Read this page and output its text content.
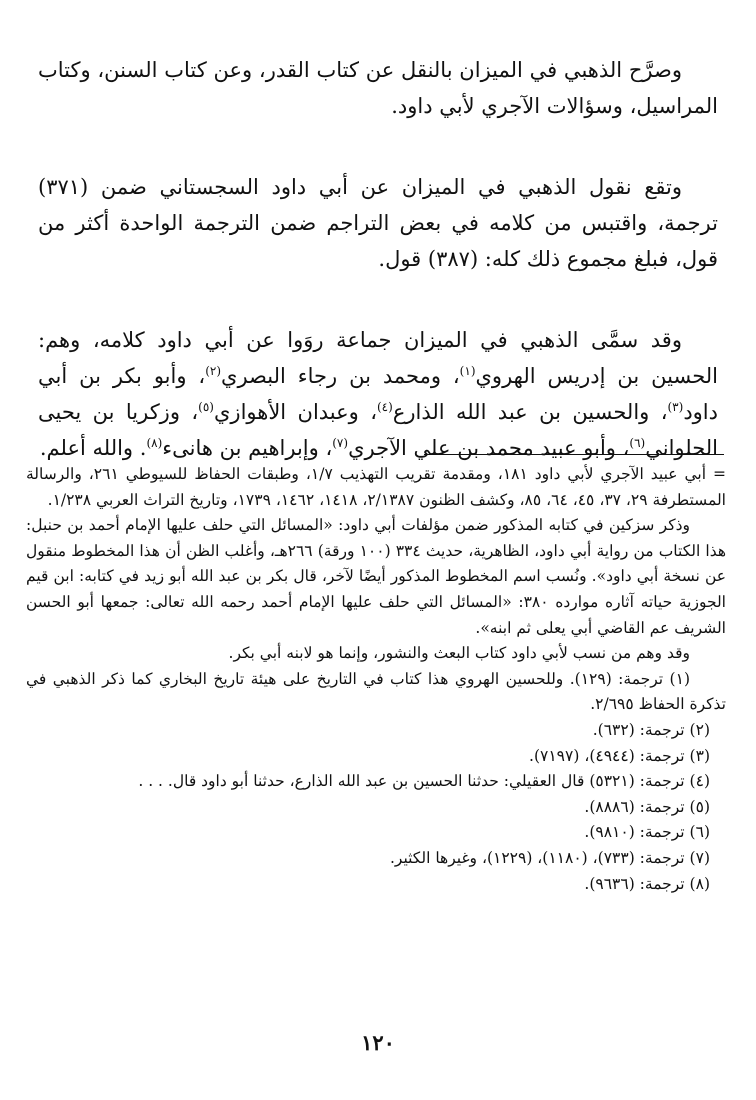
وصرَّح الذهبي في الميزان بالنقل عن كتاب القدر، وعن كتاب السنن، وكتاب المراسيل، وسؤالات الآجري لأبي داود.

وتقع نقول الذهبي في الميزان عن أبي داود السجستاني ضمن (٣٧١) ترجمة، واقتبس من كلامه في بعض التراجم ضمن الترجمة الواحدة أكثر من قول، فبلغ مجموع ذلك كله: (٣٨٧) قول.

وقد سمَّى الذهبي في الميزان جماعة روَوا عن أبي داود كلامه، وهم: الحسين بن إدريس الهروي$^{(١)}$، ومحمد بن رجاء البصري$^{(٢)}$، وأبو بكر بن أبي داود$^{(٣)}$، والحسين بن عبد الله الذارع$^{(٤)}$، وعبدان الأهوازي$^{(٥)}$، وزكريا بن يحيى الحلواني$^{(٦)}$، وأبو عبيد محمد بن علي الآجري$^{(٧)}$، وإبراهيم بن هانىء$^{(٨)}$. والله أعلم.

= أبي عبيد الآجري لأبي داود ١٨١، ومقدمة تقريب التهذيب ١/٧، وطبقات الحفاظ للسيوطي ٢٦١، والرسالة المستطرفة ٢٩، ٣٧، ٤٥، ٦٤، ٨٥، وكشف الظنون ٢/١٣٨٧، ١٤١٨، ١٤٦٢، ١٧٣٩، وتاريخ التراث العربي ١/٢٣٨.

وذكر سزكين في كتابه المذكور ضمن مؤلفات أبي داود: «المسائل التي حلف عليها الإمام أحمد بن حنبل: هذا الكتاب من رواية أبي داود، الظاهرية، حديث ٣٣٤ (١٠٠ ورقة) ٢٦٦هـ، وأغلب الظن أن هذا المخطوط منقول عن نسخة أبي داود». ونُسب اسم المخطوط المذكور أيضًا لآخر، قال بكر بن عبد الله أبو زيد في كتابه: ابن قيم الجوزية حياته آثاره موارده ٣٨٠: «المسائل التي حلف عليها الإمام أحمد رحمه الله تعالى: جمعها أبو الحسن الشريف عم القاضي أبي يعلى ثم ابنه».

وقد وهم من نسب لأبي داود كتاب البعث والنشور، وإنما هو لابنه أبي بكر.

(١) ترجمة: (١٢٩). وللحسين الهروي هذا كتاب في التاريخ على هيئة تاريخ البخاري كما ذكر الذهبي في تذكرة الحفاظ ٢/٦٩٥.

(٢) ترجمة: (٦٣٢).

(٣) ترجمة: (٤٩٤٤)، (٧١٩٧).

(٤) ترجمة: (٥٣٢١) قال العقيلي: حدثنا الحسين بن عبد الله الذارع، حدثنا أبو داود قال. . . .

(٥) ترجمة: (٨٨٨٦).

(٦) ترجمة: (٩٨١٠).

(٧) ترجمة: (٧٣٣)، (١١٨٠)، (١٢٢٩)، وغيرها الكثير.

(٨) ترجمة: (٩٦٣٦).

١٢٠
